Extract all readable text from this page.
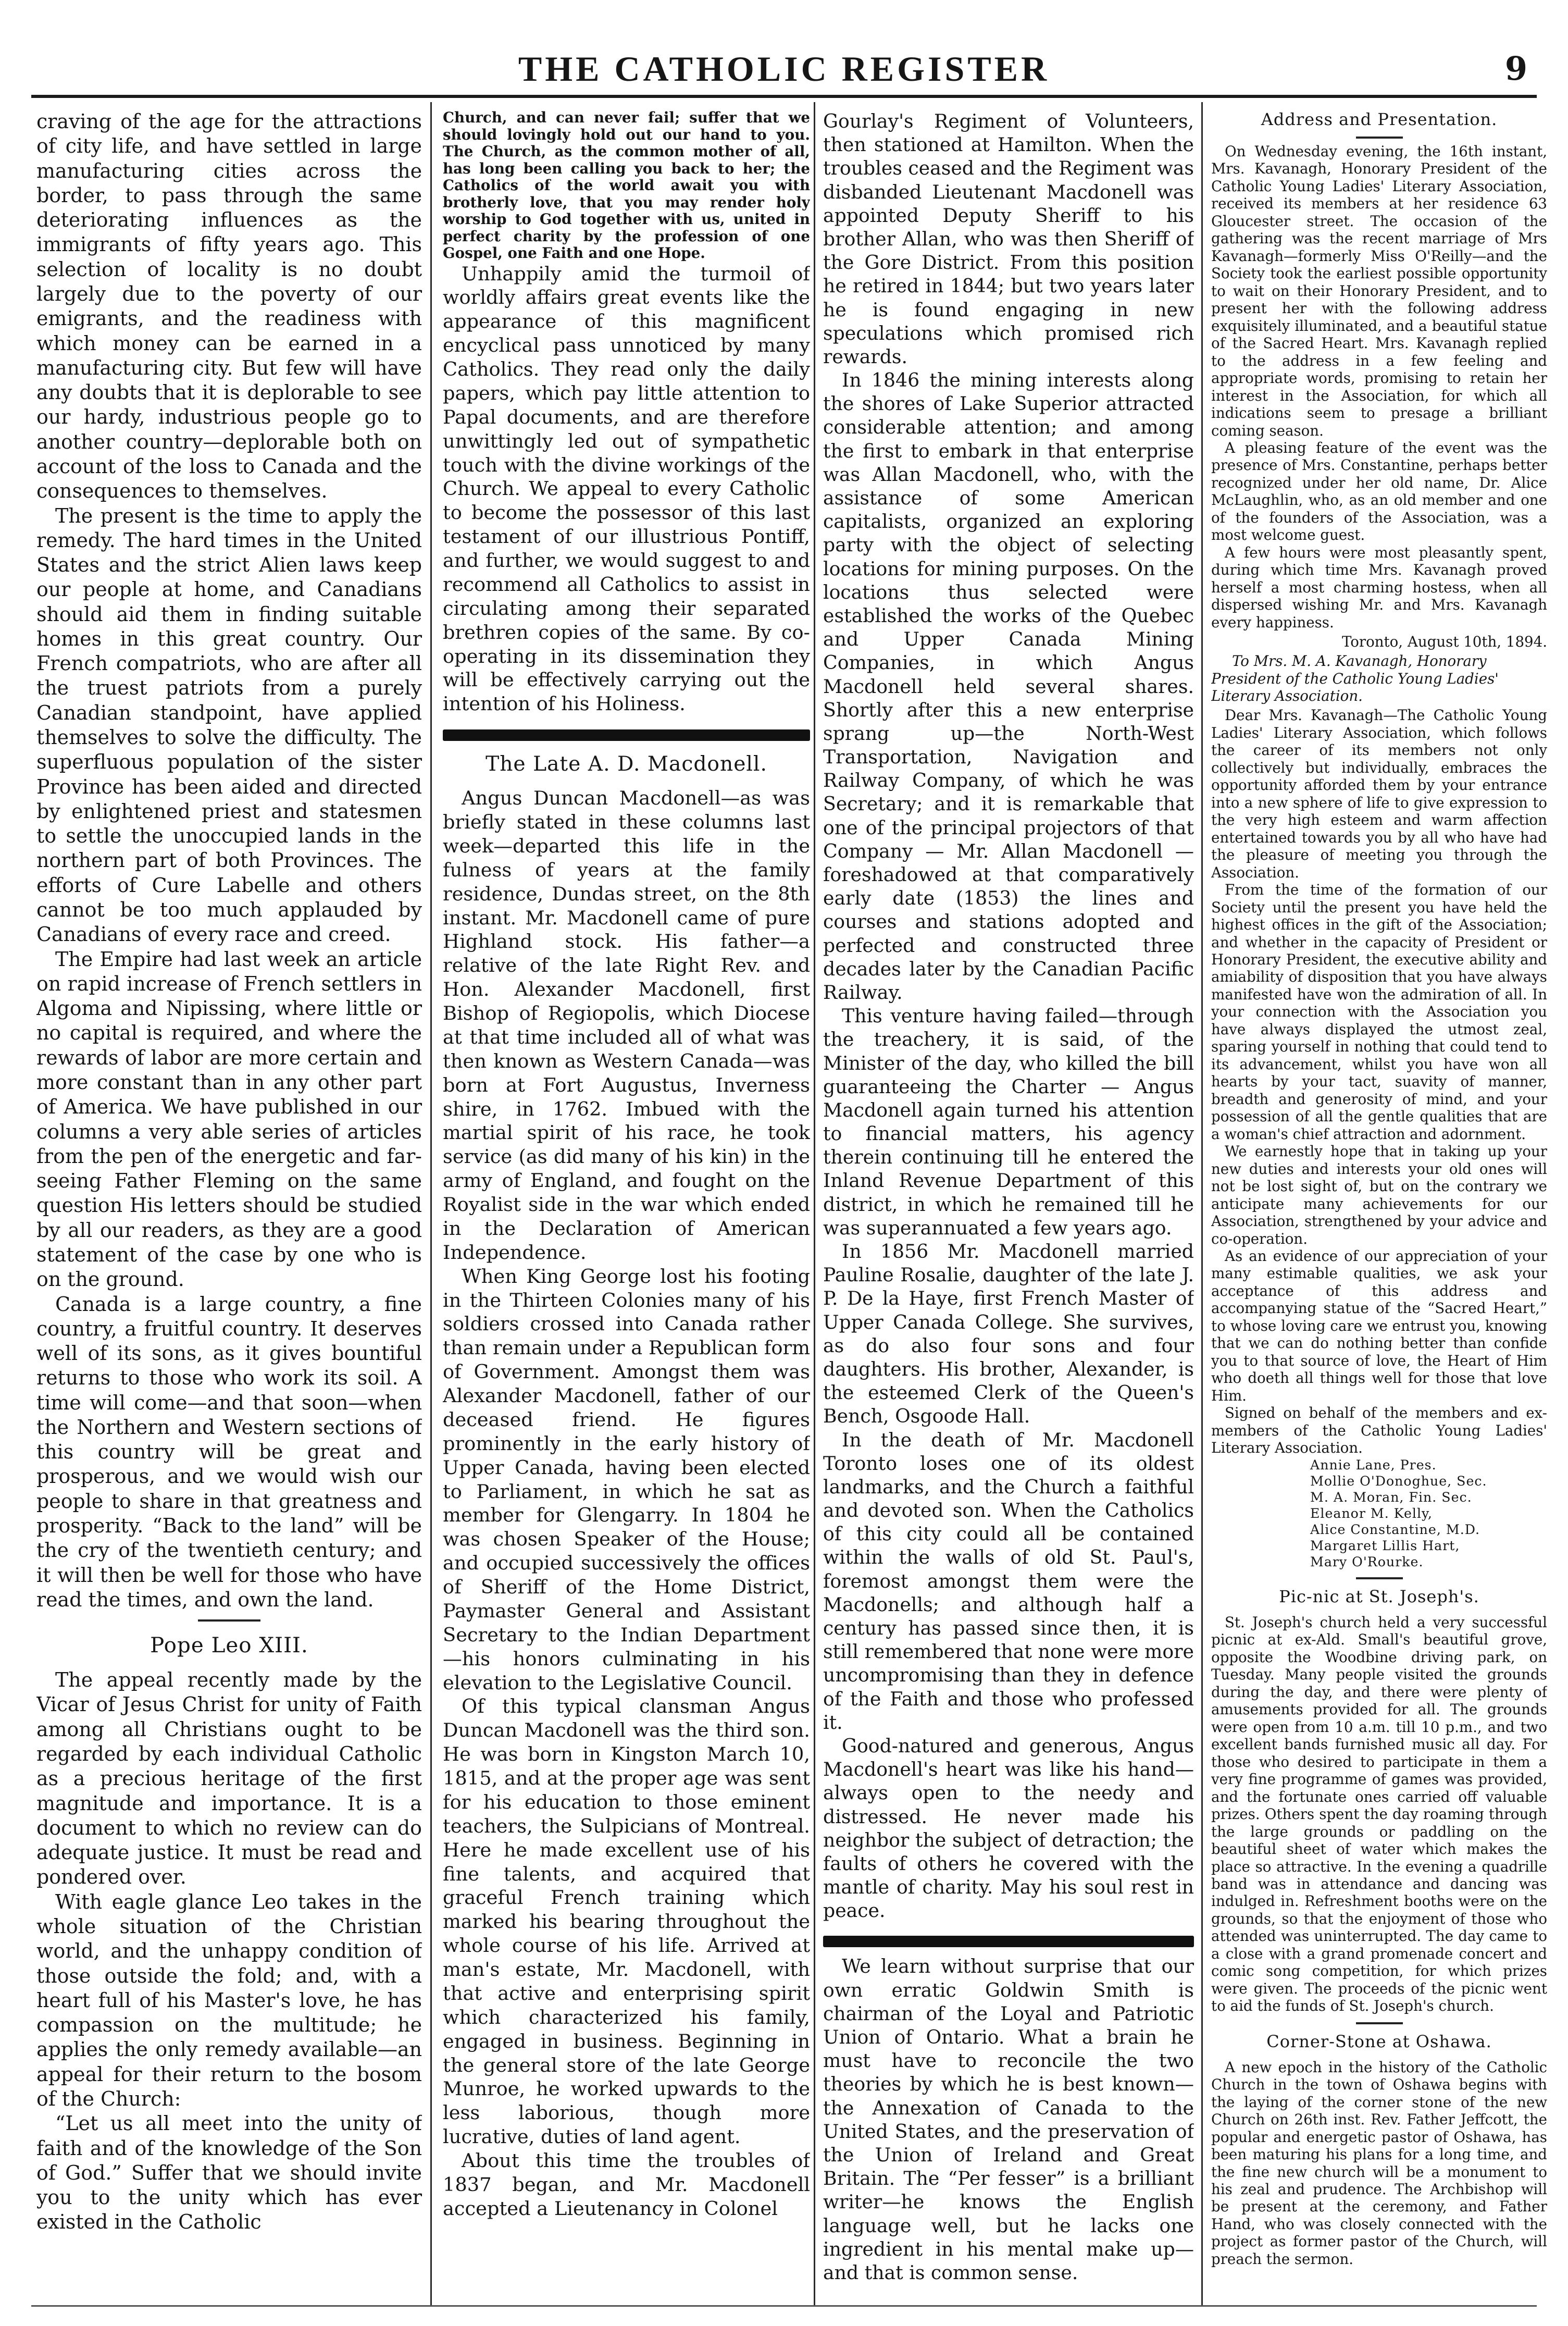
THE CATHOLIC REGISTER	9

craving of the age for the attractions of city life, and have settled in large manufacturing cities across the border, to pass through the same deteriorating influences as the immigrants of fifty years ago. This selection of locality is no doubt largely due to the poverty of our emigrants, and the readiness with which money can be earned in a manufacturing city. But few will have any doubts that it is deplorable to see our hardy, industrious people go to another country—deplorable both on account of the loss to Canada and the consequences to themselves.

The present is the time to apply the remedy. The hard times in the United States and the strict Alien laws keep our people at home, and Canadians should aid them in finding suitable homes in this great country. Our French compatriots, who are after all the truest patriots from a purely Canadian standpoint, have applied themselves to solve the difficulty. The superfluous population of the sister Province has been aided and directed by enlightened priest and statesmen to settle the unoccupied lands in the northern part of both Provinces. The efforts of Cure Labelle and others cannot be too much applauded by Canadians of every race and creed.

The Empire had last week an article on rapid increase of French settlers in Algoma and Nipissing, where little or no capital is required, and where the rewards of labor are more certain and more constant than in any other part of America. We have published in our columns a very able series of articles from the pen of the energetic and far-seeing Father Fleming on the same question His letters should be studied by all our readers, as they are a good statement of the case by one who is on the ground.

Canada is a large country, a fine country, a fruitful country. It deserves well of its sons, as it gives bountiful returns to those who work its soil. A time will come—and that soon—when the Northern and Western sections of this country will be great and prosperous, and we would wish our people to share in that greatness and prosperity. “Back to the land” will be the cry of the twentieth century; and it will then be well for those who have read the times, and own the land.

Pope Leo XIII.

The appeal recently made by the Vicar of Jesus Christ for unity of Faith among all Christians ought to be regarded by each individual Catholic as a precious heritage of the first magnitude and importance. It is a document to which no review can do adequate justice. It must be read and pondered over.

With eagle glance Leo takes in the whole situation of the Christian world, and the unhappy condition of those outside the fold; and, with a heart full of his Master's love, he has compassion on the multitude; he applies the only remedy available—an appeal for their return to the bosom of the Church:

“Let us all meet into the unity of faith and of the knowledge of the Son of God.” Suffer that we should invite you to the unity which has ever existed in the Catholic

Church, and can never fail; suffer that we should lovingly hold out our hand to you. The Church, as the common mother of all, has long been calling you back to her; the Catholics of the world await you with brotherly love, that you may render holy worship to God together with us, united in perfect charity by the profession of one Gospel, one Faith and one Hope.

Unhappily amid the turmoil of worldly affairs great events like the appearance of this magnificent encyclical pass unnoticed by many Catholics. They read only the daily papers, which pay little attention to Papal documents, and are therefore unwittingly led out of sympathetic touch with the divine workings of the Church. We appeal to every Catholic to become the possessor of this last testament of our illustrious Pontiff, and further, we would suggest to and recommend all Catholics to assist in circulating among their separated brethren copies of the same. By co-operating in its dissemination they will be effectively carrying out the intention of his Holiness.

The Late A. D. Macdonell.

Angus Duncan Macdonell—as was briefly stated in these columns last week—departed this life in the fulness of years at the family residence, Dundas street, on the 8th instant. Mr. Macdonell came of pure Highland stock. His father—a relative of the late Right Rev. and Hon. Alexander Macdonell, first Bishop of Regiopolis, which Diocese at that time included all of what was then known as Western Canada—was born at Fort Augustus, Inverness shire, in 1762. Imbued with the martial spirit of his race, he took service (as did many of his kin) in the army of England, and fought on the Royalist side in the war which ended in the Declaration of American Independence.

When King George lost his footing in the Thirteen Colonies many of his soldiers crossed into Canada rather than remain under a Republican form of Government. Amongst them was Alexander Macdonell, father of our deceased friend. He figures prominently in the early history of Upper Canada, having been elected to Parliament, in which he sat as member for Glengarry. In 1804 he was chosen Speaker of the House; and occupied successively the offices of Sheriff of the Home District, Paymaster General and Assistant Secretary to the Indian Department—his honors culminating in his elevation to the Legislative Council.

Of this typical clansman Angus Duncan Macdonell was the third son. He was born in Kingston March 10, 1815, and at the proper age was sent for his education to those eminent teachers, the Sulpicians of Montreal. Here he made excellent use of his fine talents, and acquired that graceful French training which marked his bearing throughout the whole course of his life. Arrived at man's estate, Mr. Macdonell, with that active and enterprising spirit which characterized his family, engaged in business. Beginning in the general store of the late George Munroe, he worked upwards to the less laborious, though more lucrative, duties of land agent.

About this time the troubles of 1837 began, and Mr. Macdonell accepted a Lieutenancy in Colonel

Gourlay's Regiment of Volunteers, then stationed at Hamilton. When the troubles ceased and the Regiment was disbanded Lieutenant Macdonell was appointed Deputy Sheriff to his brother Allan, who was then Sheriff of the Gore District. From this position he retired in 1844; but two years later he is found engaging in new speculations which promised rich rewards.

In 1846 the mining interests along the shores of Lake Superior attracted considerable attention; and among the first to embark in that enterprise was Allan Macdonell, who, with the assistance of some American capitalists, organized an exploring party with the object of selecting locations for mining purposes. On the locations thus selected were established the works of the Quebec and Upper Canada Mining Companies, in which Angus Macdonell held several shares. Shortly after this a new enterprise sprang up—the North-West Transportation, Navigation and Railway Company, of which he was Secretary; and it is remarkable that one of the principal projectors of that Company — Mr. Allan Macdonell — foreshadowed at that comparatively early date (1853) the lines and courses and stations adopted and perfected and constructed three decades later by the Canadian Pacific Railway.

This venture having failed—through the treachery, it is said, of the Minister of the day, who killed the bill guaranteeing the Charter — Angus Macdonell again turned his attention to financial matters, his agency therein continuing till he entered the Inland Revenue Department of this district, in which he remained till he was superannuated a few years ago.

In 1856 Mr. Macdonell married Pauline Rosalie, daughter of the late J. P. De la Haye, first French Master of Upper Canada College. She survives, as do also four sons and four daughters. His brother, Alexander, is the esteemed Clerk of the Queen's Bench, Osgoode Hall.

In the death of Mr. Macdonell Toronto loses one of its oldest landmarks, and the Church a faithful and devoted son. When the Catholics of this city could all be contained within the walls of old St. Paul's, foremost amongst them were the Macdonells; and although half a century has passed since then, it is still remembered that none were more uncompromising than they in defence of the Faith and those who professed it.

Good-natured and generous, Angus Macdonell's heart was like his hand—always open to the needy and distressed. He never made his neighbor the subject of detraction; the faults of others he covered with the mantle of charity. May his soul rest in peace.

We learn without surprise that our own erratic Goldwin Smith is chairman of the Loyal and Patriotic Union of Ontario. What a brain he must have to reconcile the two theories by which he is best known—the Annexation of Canada to the United States, and the preservation of the Union of Ireland and Great Britain. The “Per fesser” is a brilliant writer—he knows the English language well, but he lacks one ingredient in his mental make up—and that is common sense.

Address and Presentation.

On Wednesday evening, the 16th instant, Mrs. Kavanagh, Honorary President of the Catholic Young Ladies' Literary Association, received its members at her residence 63 Gloucester street. The occasion of the gathering was the recent marriage of Mrs Kavanagh—formerly Miss O'Reilly—and the Society took the earliest possible opportunity to wait on their Honorary President, and to present her with the following address exquisitely illuminated, and a beautiful statue of the Sacred Heart. Mrs. Kavanagh replied to the address in a few feeling and appropriate words, promising to retain her interest in the Association, for which all indications seem to presage a brilliant coming season.

A pleasing feature of the event was the presence of Mrs. Constantine, perhaps better recognized under her old name, Dr. Alice McLaughlin, who, as an old member and one of the founders of the Association, was a most welcome guest.

A few hours were most pleasantly spent, during which time Mrs. Kavanagh proved herself a most charming hostess, when all dispersed wishing Mr. and Mrs. Kavanagh every happiness.

Toronto, August 10th, 1894.
To Mrs. M. A. Kavanagh, Honorary President of the Catholic Young Ladies' Literary Association.

Dear Mrs. Kavanagh—The Catholic Young Ladies' Literary Association, which follows the career of its members not only collectively but individually, embraces the opportunity afforded them by your entrance into a new sphere of life to give expression to the very high esteem and warm affection entertained towards you by all who have had the pleasure of meeting you through the Association.

From the time of the formation of our Society until the present you have held the highest offices in the gift of the Association; and whether in the capacity of President or Honorary President, the executive ability and amiability of disposition that you have always manifested have won the admiration of all. In your connection with the Association you have always displayed the utmost zeal, sparing yourself in nothing that could tend to its advancement, whilst you have won all hearts by your tact, suavity of manner, breadth and generosity of mind, and your possession of all the gentle qualities that are a woman's chief attraction and adornment.

We earnestly hope that in taking up your new duties and interests your old ones will not be lost sight of, but on the contrary we anticipate many achievements for our Association, strengthened by your advice and co-operation.

As an evidence of our appreciation of your many estimable qualities, we ask your acceptance of this address and accompanying statue of the “Sacred Heart,” to whose loving care we entrust you, knowing that we can do nothing better than confide you to that source of love, the Heart of Him who doeth all things well for those that love Him.

Signed on behalf of the members and ex-members of the Catholic Young Ladies' Literary Association.

Annie Lane, Pres.
Mollie O'Donoghue, Sec.
M. A. Moran, Fin. Sec.
Eleanor M. Kelly,
Alice Constantine, M.D.
Margaret Lillis Hart,
Mary O'Rourke.
Pic-nic at St. Joseph's.

St. Joseph's church held a very successful picnic at ex-Ald. Small's beautiful grove, opposite the Woodbine driving park, on Tuesday. Many people visited the grounds during the day, and there were plenty of amusements provided for all. The grounds were open from 10 a.m. till 10 p.m., and two excellent bands furnished music all day. For those who desired to participate in them a very fine programme of games was provided, and the fortunate ones carried off valuable prizes. Others spent the day roaming through the large grounds or paddling on the beautiful sheet of water which makes the place so attractive. In the evening a quadrille band was in attendance and dancing was indulged in. Refreshment booths were on the grounds, so that the enjoyment of those who attended was uninterrupted. The day came to a close with a grand promenade concert and comic song competition, for which prizes were given. The proceeds of the picnic went to aid the funds of St. Joseph's church.

Corner-Stone at Oshawa.

A new epoch in the history of the Catholic Church in the town of Oshawa begins with the laying of the corner stone of the new Church on 26th inst. Rev. Father Jeffcott, the popular and energetic pastor of Oshawa, has been maturing his plans for a long time, and the fine new church will be a monument to his zeal and prudence. The Archbishop will be present at the ceremony, and Father Hand, who was closely connected with the project as former pastor of the Church, will preach the sermon.
